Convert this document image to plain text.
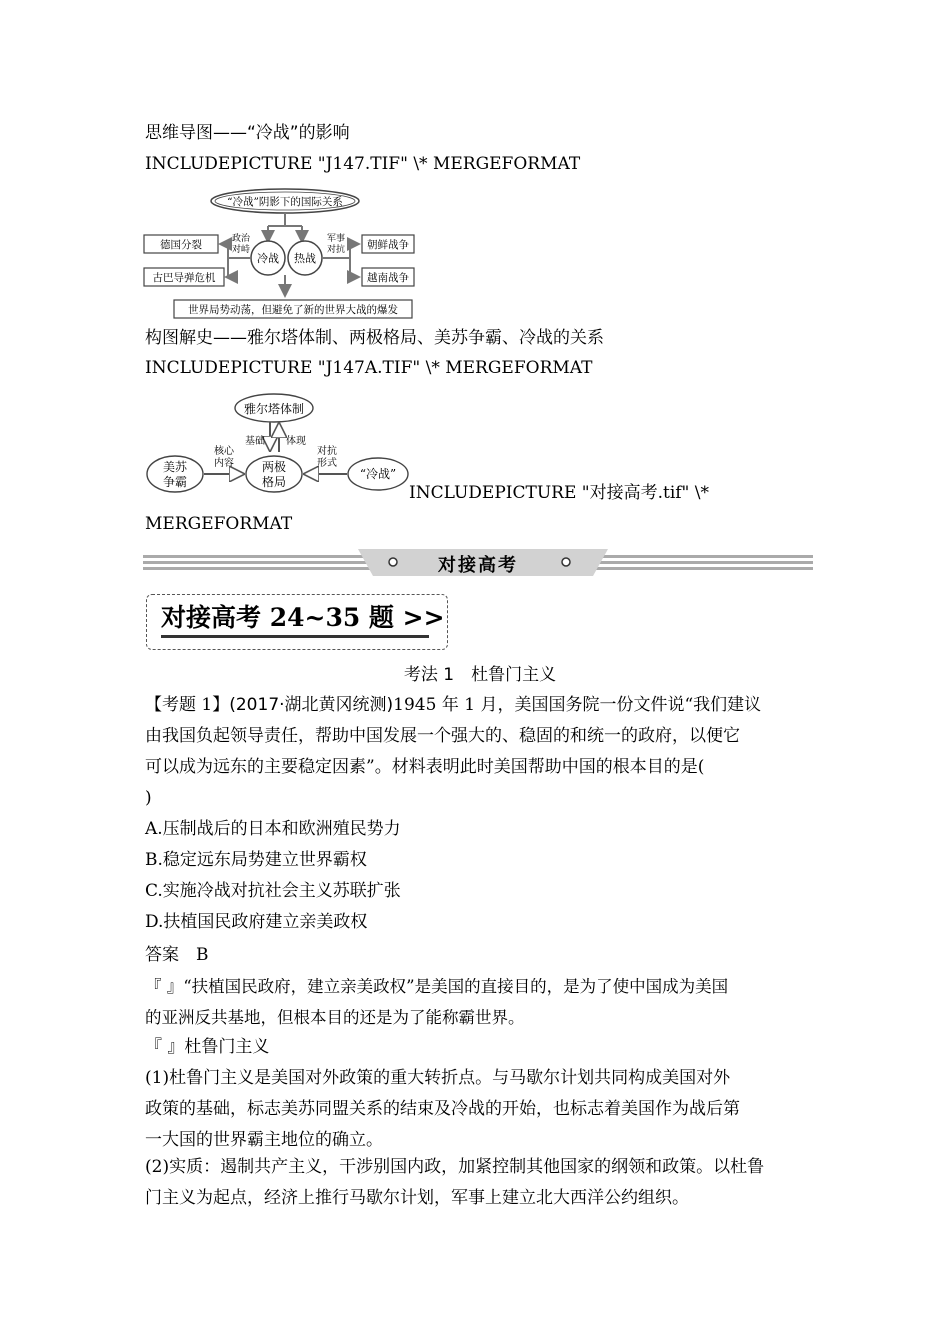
思维导图——“冷战”的影响
INCLUDEPICTURE "J147.TIF" \* MERGEFORMAT
“冷战”阴影下的国际关系
冷战 热战
德国分裂
古巴导弹危机
政治
对峙	朝鲜战争
越南战争
军事
对抗
世界局势动荡，但避免了新的世界大战的爆发
构图解史——雅尔塔体制、两极格局、美苏争霸、冷战的关系
INCLUDEPICTURE "J147A.TIF" \* MERGEFORMAT
雅尔塔体制
基础 体现
两极
格局
美苏
争霸
核心
内容
“冷战”
对抗
形式
INCLUDEPICTURE "对接高考.tif" \*
MERGEFORMAT
对接高考
对接高考 24~35 题 >>
考法 1　杜鲁门主义
【考题 1】(2017·湖北黄冈统测)1945 年 1 月，美国国务院一份文件说“我们建议
由我国负起领导责任，帮助中国发展一个强大的、稳固的和统一的政府，以便它
可以成为远东的主要稳定因素”。材料表明此时美国帮助中国的根本目的是(
)
A.压制战后的日本和欧洲殖民势力
B.稳定远东局势建立世界霸权
C.实施冷战对抗社会主义苏联扩张
D.扶植国民政府建立亲美政权
答案　B
『 』“扶植国民政府，建立亲美政权”是美国的直接目的，是为了使中国成为美国
的亚洲反共基地，但根本目的还是为了能称霸世界。
『 』杜鲁门主义
(1)杜鲁门主义是美国对外政策的重大转折点。与马歇尔计划共同构成美国对外
政策的基础，标志美苏同盟关系的结束及冷战的开始，也标志着美国作为战后第
一大国的世界霸主地位的确立。
(2)实质：遏制共产主义，干涉别国内政，加紧控制其他国家的纲领和政策。以杜鲁
门主义为起点，经济上推行马歇尔计划，军事上建立北大西洋公约组织。
